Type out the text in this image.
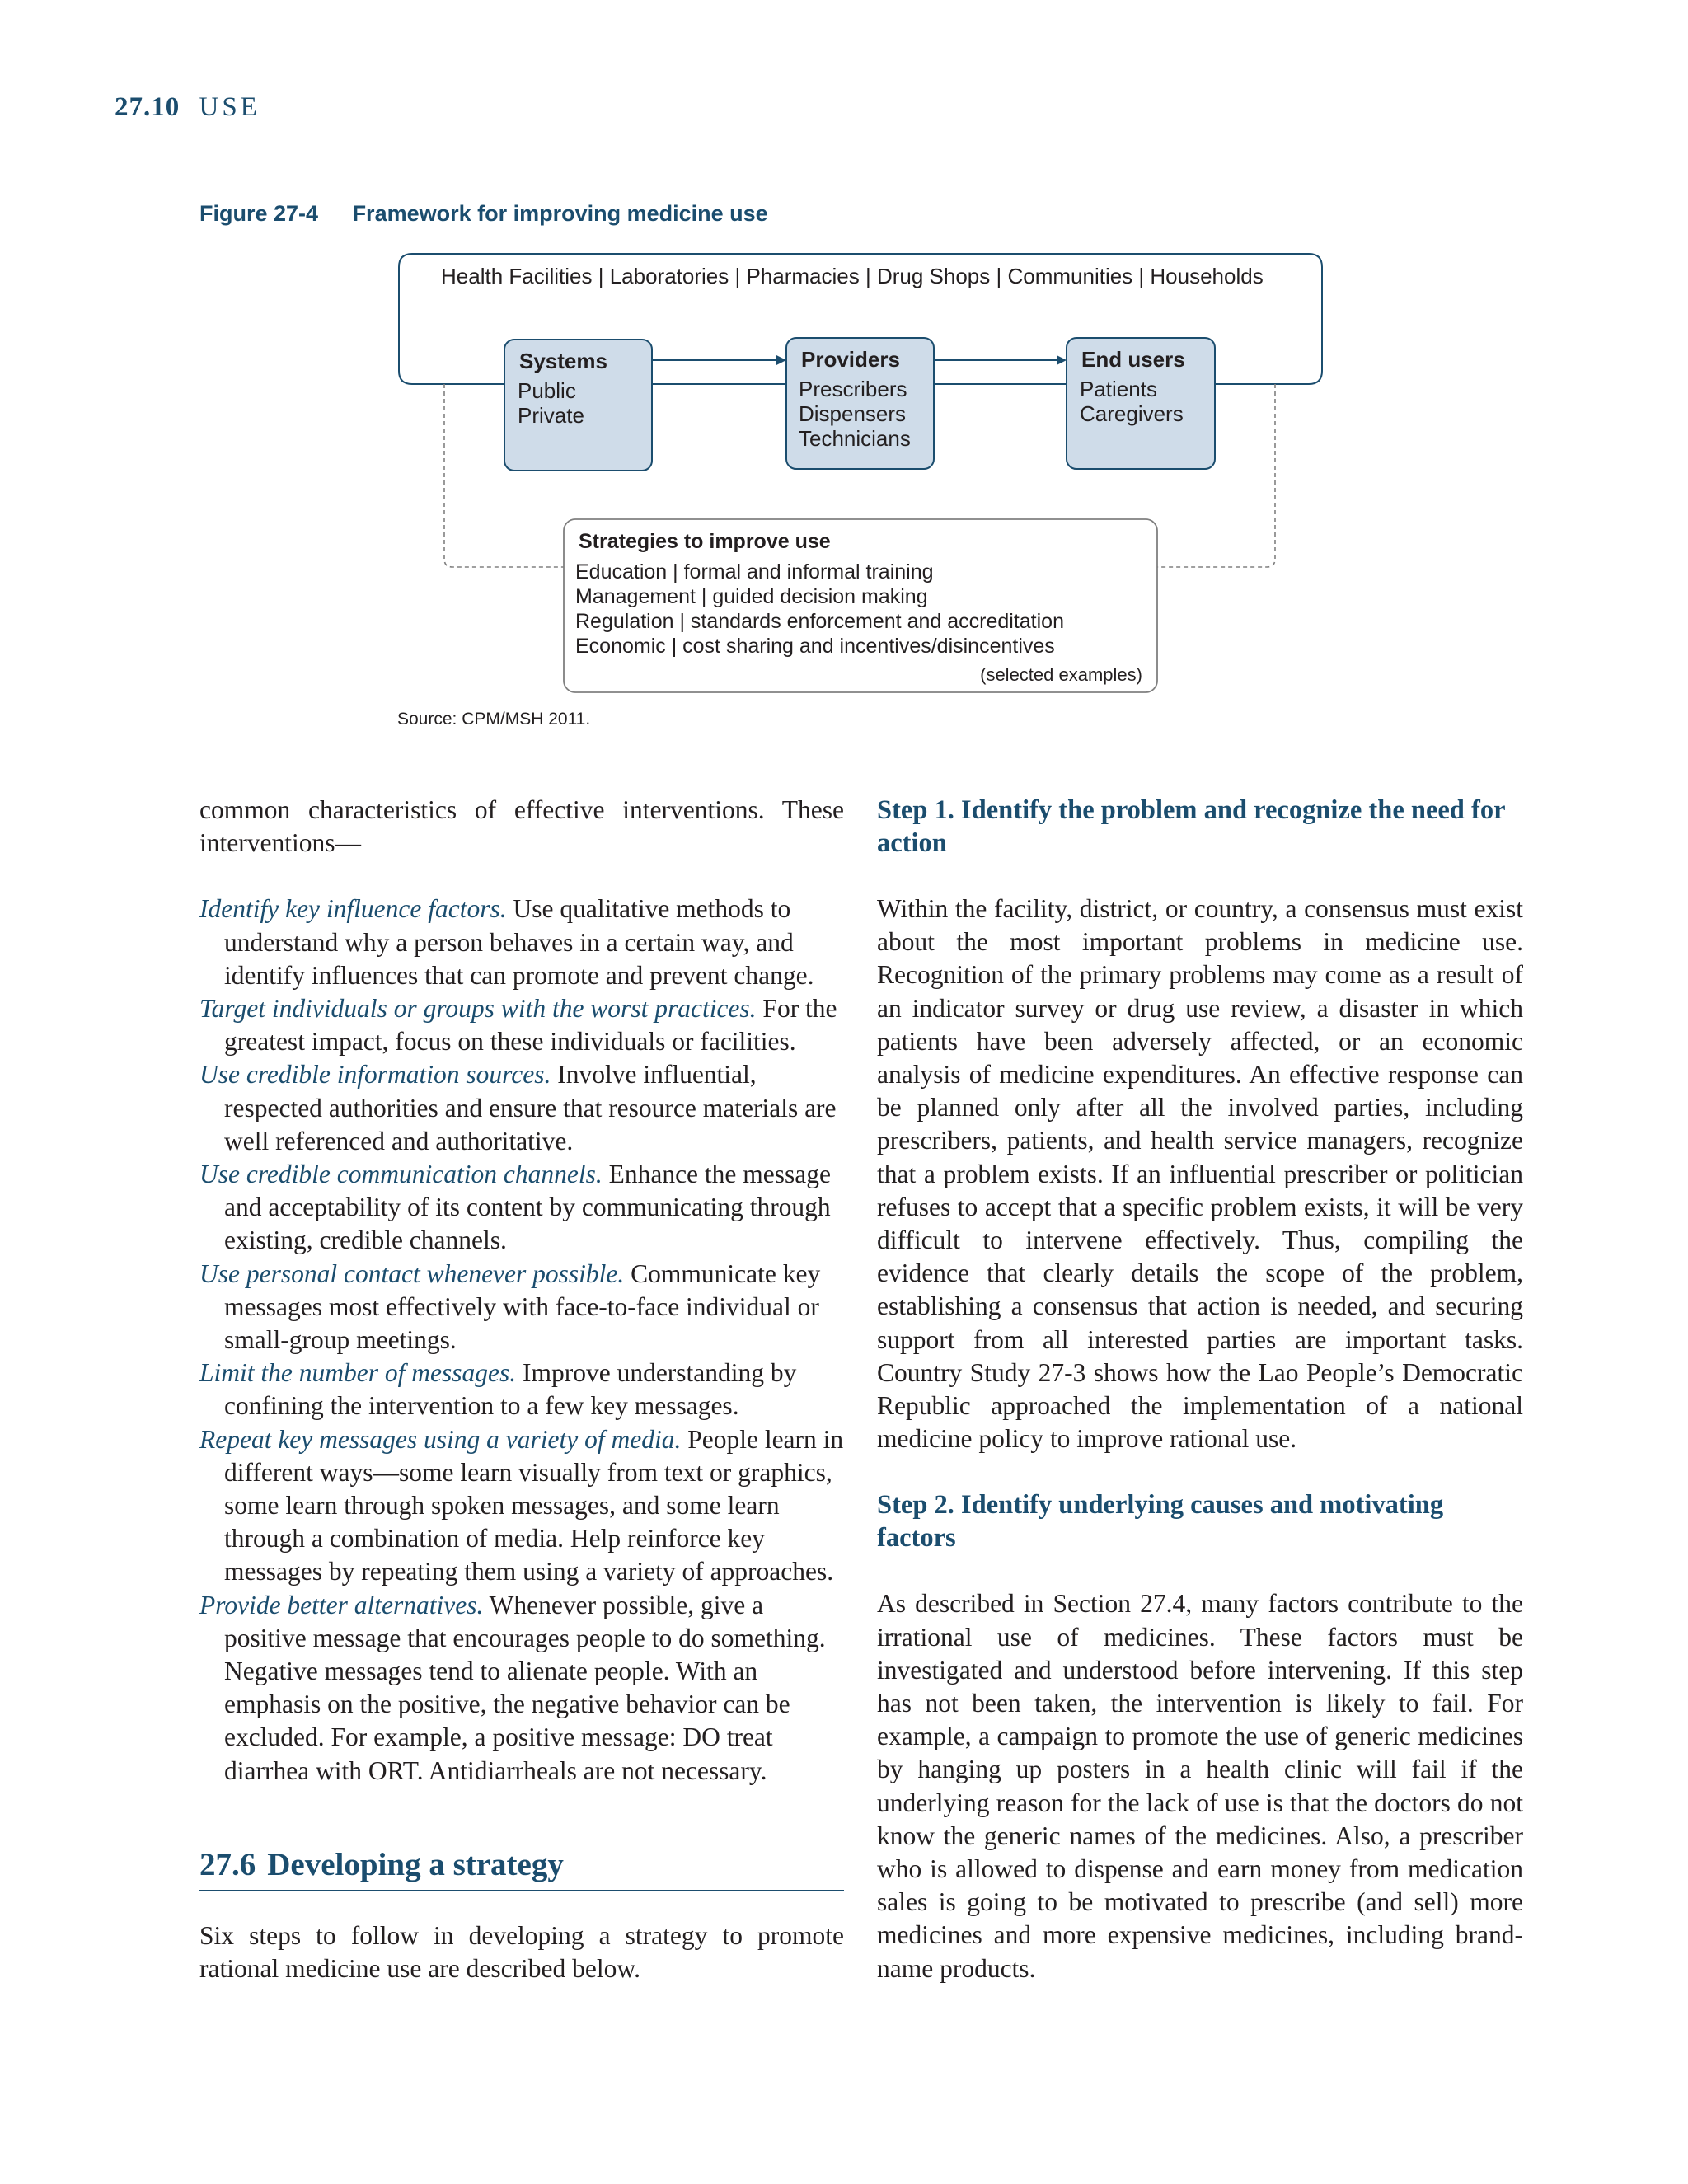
27.10 USE
Figure 27-4 Framework for improving medicine use
Health Facilities | Laboratories | Pharmacies | Drug Shops | Communities | Households
Systems
Public
Private
Providers
Prescribers
Dispensers
Technicians
End users
Patients
Caregivers
Strategies to improve use
Education | formal and informal training
Management | guided decision making
Regulation | standards enforcement and accreditation
Economic | cost sharing and incentives/disincentives
(selected examples)
Source: CPM/MSH 2011.

common characteristics of effective interventions. These interventions—

Identify key influence factors. Use qualitative methods to understand why a person behaves in a certain way, and identify influences that can promote and prevent change.

Target individuals or groups with the worst practices. For the greatest impact, focus on these individuals or facilities.

Use credible information sources. Involve influential, respected authorities and ensure that resource materials are well referenced and authoritative.

Use credible communication channels. Enhance the message and acceptability of its content by communicating through existing, credible channels.

Use personal contact whenever possible. Communicate key messages most effectively with face-to-face individual or small-group meetings.

Limit the number of messages. Improve understanding by confining the intervention to a few key messages.

Repeat key messages using a variety of media. People learn in different ways—some learn visually from text or graphics, some learn through spoken messages, and some learn through a combination of media. Help reinforce key messages by repeating them using a variety of approaches.

Provide better alternatives. Whenever possible, give a positive message that encourages people to do something. Negative messages tend to alienate people. With an emphasis on the positive, the negative behavior can be excluded. For example, a positive message: DO treat diarrhea with ORT. Antidiarrheals are not necessary.

27.6 Developing a strategy

Six steps to follow in developing a strategy to promote rational medicine use are described below.

Step 1. Identify the problem and recognize the need for action

Within the facility, district, or country, a consensus must exist about the most important problems in medicine use. Recognition of the primary problems may come as a result of an indicator survey or drug use review, a disaster in which patients have been adversely affected, or an economic analysis of medicine expenditures. An effective response can be planned only after all the involved parties, including prescribers, patients, and health service managers, recognize that a problem exists. If an influential prescriber or politician refuses to accept that a specific problem exists, it will be very difficult to intervene effectively. Thus, compiling the evidence that clearly details the scope of the problem, establishing a consensus that action is needed, and securing support from all interested parties are important tasks. Country Study 27-3 shows how the Lao People’s Democratic Republic approached the implementation of a national medicine policy to improve rational use.

Step 2. Identify underlying causes and motivating factors

As described in Section 27.4, many factors contribute to the irrational use of medicines. These factors must be investigated and understood before intervening. If this step has not been taken, the intervention is likely to fail. For example, a campaign to promote the use of generic medicines by hanging up posters in a health clinic will fail if the underlying reason for the lack of use is that the doctors do not know the generic names of the medicines. Also, a prescriber who is allowed to dispense and earn money from medication sales is going to be motivated to prescribe (and sell) more medicines and more expensive medicines, including brand-name products.
